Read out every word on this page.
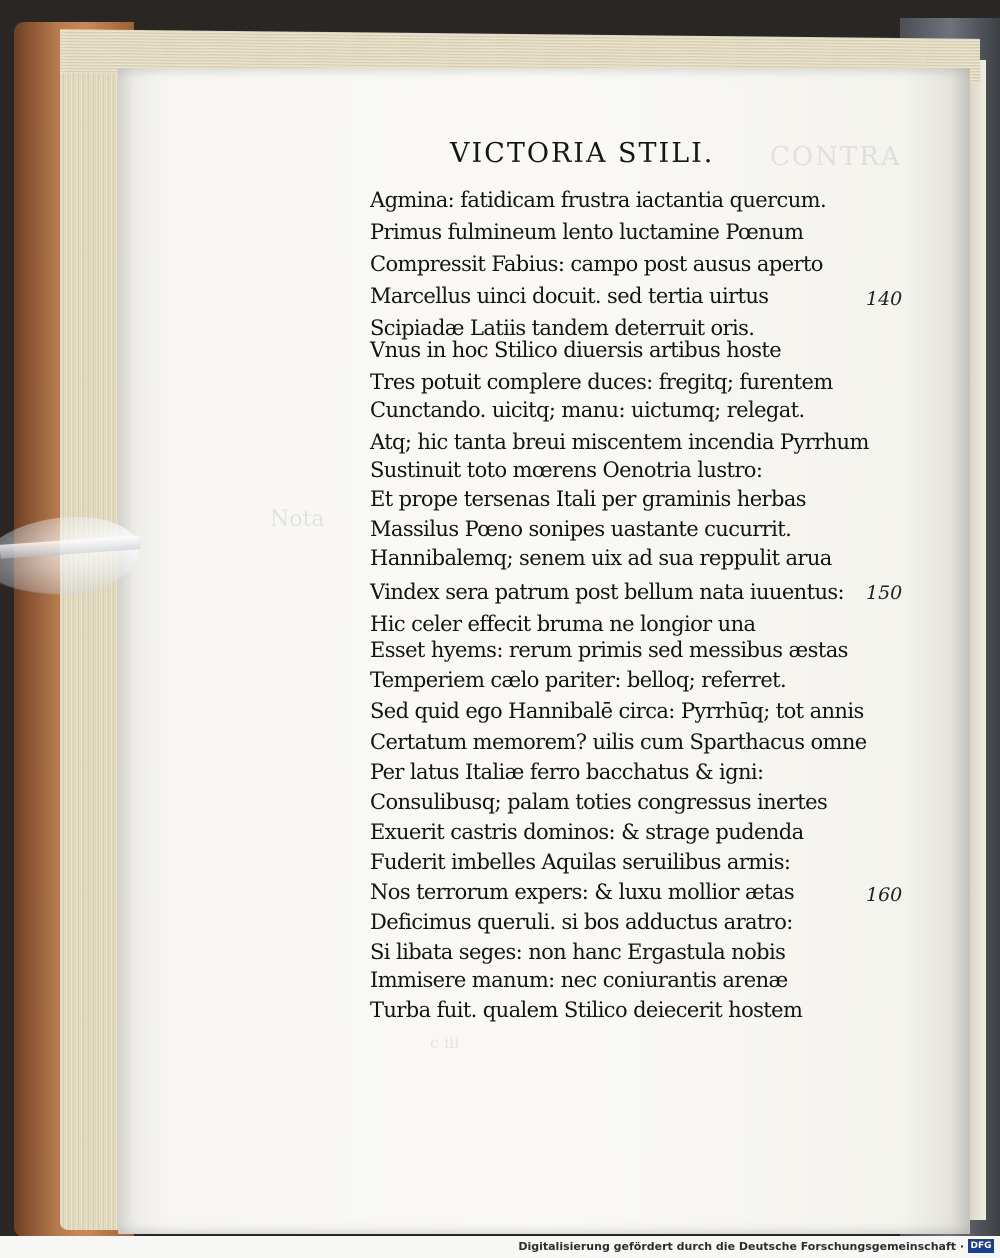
CONTRA
Nota
c iii
VICTORIA STILI.
Agmina: fatidicam frustra iactantia quercum.
Primus fulmineum lento luctamine Pœnum
Compressit Fabius: campo post ausus aperto
Marcellus uinci docuit. sed tertia uirtus
Scipiadæ Latiis tandem deterruit oris.
Vnus in hoc Stilico diuersis artibus hoste
Tres potuit complere duces: fregitq; furentem
Cunctando. uicitq; manu: uictumq; relegat.
Atq; hic tanta breui miscentem incendia Pyrrhum
Sustinuit toto mœrens Oenotria lustro:
Et prope tersenas Itali per graminis herbas
Massilus Pœno sonipes uastante cucurrit.
Hannibalemq; senem uix ad sua reppulit arua
Vindex sera patrum post bellum nata iuuentus:
Hic celer effecit bruma ne longior una
Esset hyems: rerum primis sed messibus æstas
Temperiem cælo pariter: belloq; referret.
Sed quid ego Hannibalē circa: Pyrrhūq; tot annis
Certatum memorem? uilis cum Sparthacus omne
Per latus Italiæ ferro bacchatus & igni:
Consulibusq; palam toties congressus inertes
Exuerit castris dominos: & strage pudenda
Fuderit imbelles Aquilas seruilibus armis:
Nos terrorum expers: & luxu mollior ætas
Deficimus queruli. si bos adductus aratro:
Si libata seges: non hanc Ergastula nobis
Immisere manum: nec coniurantis arenæ
Turba fuit. qualem Stilico deiecerit hostem
140
150
160
Digitalisierung gefördert durch die Deutsche Forschungsgemeinschaft · DFG
